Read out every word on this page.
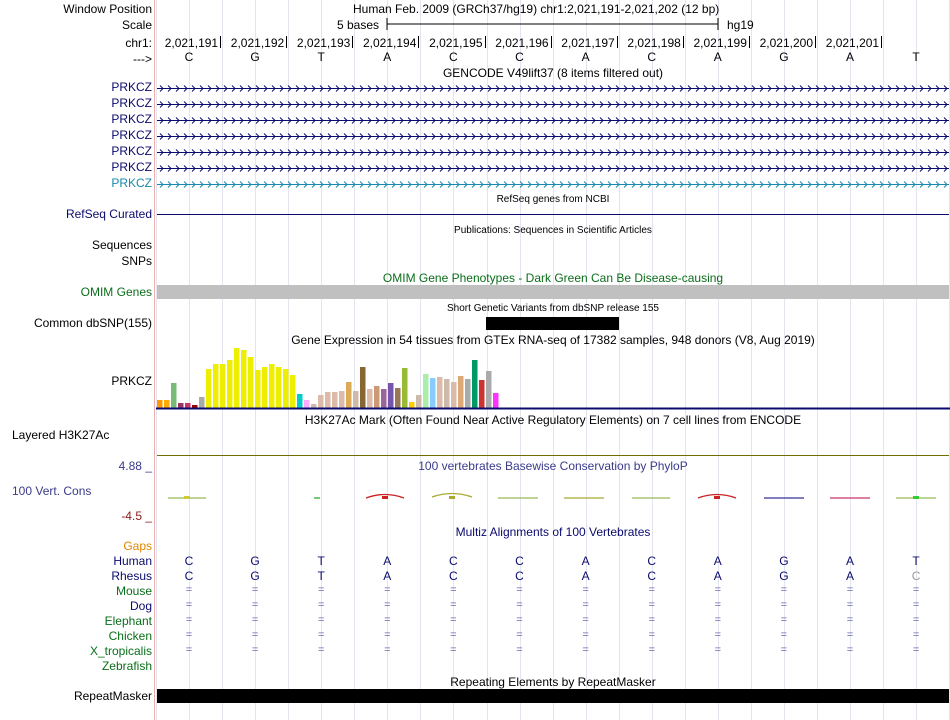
Window Position
Scale
chr1:
--->
Human Feb. 2009 (GRCh37/hg19) chr1:2,021,191-2,021,202 (12 bp)
5 bases	hg19
2,021,191	2,021,192	2,021,193	2,021,194	2,021,195	2,021,196	2,021,197	2,021,198	2,021,199	2,021,200	2,021,201
C	G	T	A	C	C	A	C	A	G	A	T
GENCODE V49lift37 (8 items filtered out)
PRKCZ
PRKCZ
PRKCZ
PRKCZ
PRKCZ
PRKCZ
PRKCZ
RefSeq genes from NCBI
RefSeq Curated
Publications: Sequences in Scientific Articles
Sequences
SNPs
OMIM Gene Phenotypes - Dark Green Can Be Disease-causing
OMIM Genes
Short Genetic Variants from dbSNP release 155
Common dbSNP(155)
Gene Expression in 54 tissues from GTEx RNA-seq of 17382 samples, 948 donors (V8, Aug 2019)
PRKCZ
H3K27Ac Mark (Often Found Near Active Regulatory Elements) on 7 cell lines from ENCODE
Layered H3K27Ac
100 vertebrates Basewise Conservation by PhyloP
4.88 _
100 Vert. Cons
-4.5 _
Multiz Alignments of 100 Vertebrates
Gaps
Human	C	G	T	A	C	C	A	C	A	G	A	T
Rhesus	C	G	T	A	C	C	A	C	A	G	A	C
Mouse	=	=	=	=	=	=	=	=	=	=	=	=
Dog	=	=	=	=	=	=	=	=	=	=	=	=
Elephant	=	=	=	=	=	=	=	=	=	=	=	=
Chicken	=	=	=	=	=	=	=	=	=	=	=	=
X_tropicalis	=	=	=	=	=	=	=	=	=	=	=	=
Zebrafish
Repeating Elements by RepeatMasker
RepeatMasker
